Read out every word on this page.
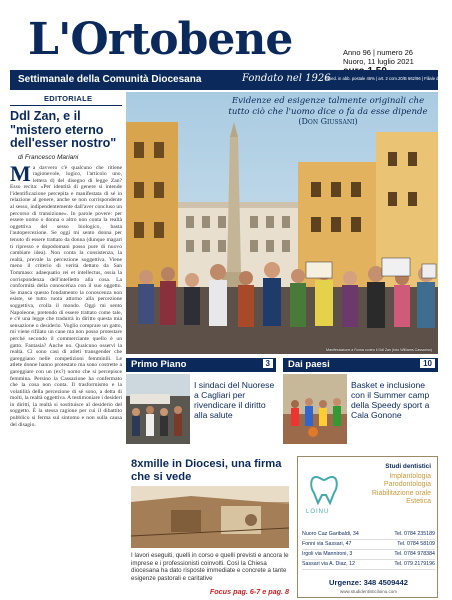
L'Ortobene	Anno 96 | numero 26
Nuoro, 11 luglio 2021
Settimanale della Comunità Diocesana	Fondato nel 1926
Sped. in abb. postale 45% | art. 2 com.20/B 662/96 | Filiale di Nuoro
EDITORIALE
Ddl Zan, e il "mistero eterno dell'esser nostro"
di Francesco Mariani
Ma davvero c'è qualcuno che ritiene ragionevole, logico, l'articolo uno, lettera d) del disegno di legge Zan? Esso recita: «Per identità di genere si intende l'identificazione percepita e manifestata di sé in relazione al genere, anche se non corrispondente al sesso, indipendentemente dall'aver concluso un percorso di transizione». In parole povere: per essere uomo o donna o altro non conta la realtà oggettiva del sesso biologico, basta l'autopercezione. Se oggi mi sento donna per tenuto di essere trattato da donna (dunque magari ti ripresso e dopodomani posso pure di nuovo cambiare idea). Non conta la consistenza, la realtà, prevale la percezione soggettiva. Viene meno il criterio di verità dettato da San Tommaso: adaequatio rei et intellectus, ossia la corrispondenza dell'intelletto alla cosa. La conformità della conoscenza con il suo oggetto. Se manca questo fondamento la conoscenza non esiste, se tutto ruota attorno alla percezione soggettiva, crolla il mondo. Oggi mi sento Napoleone, pretendo di essere trattato come tale, e c'è una legge che tradurrà in diritto questa mia sensazione o desiderio. Voglio comprare un gatto, mi viene rifilato un cane ma non posso protestare perché secondo il commerciante quello è un gatto. Fantasia? Anche no. Qualcuno osservi la realtà. Ci sono casi di atleti transgender che gareggiano nelle competizioni femminili. Le atlete donne hanno protestato ma sono costrette a gareggiare con un (ex?) uomo che si percepisce femmina. Persino la Cassazione ha confermato che la cosa non conta. Il trasformismo e la volatilità della percezione di sé sono, a detta di molti, la realtà oggettiva. A testimoniare i desideri in diritti, la realtà si sostituisce al desiderio del soggetto. È la stessa ragione per cui il dibattito pubblico si ferma sul sintomo e non sulla causa del disagio.
Evidenze ed esigenze talmente originali che tutto ciò che l'uomo dice o fa da esse dipende (Don Giussani)
Manifestazione a Roma contro il Ddl Zan (foto Williams Cassarino)
Primo Piano	3
I sindaci del Nuorese a Cagliari per rivendicare il diritto alla salute
Dai paesi	10
Basket e inclusione con il Summer camp della Speedy sport a Cala Gonone
8xmille in Diocesi, una firma che si vede
I lavori eseguiti, quelli in corso e quelli previsti e ancora le imprese e i professionisti coinvolti. Così la Chiesa diocesana ha dato risposte immediate e concrete a tante esigenze pastorali e caritative
Focus pag. 6-7 e pag. 8
LOINU
Studi dentistici
Implantologia
Parodontologia
Riabilitazione orale
Estetica
Nuoro Caz Garibaldi, 34	Tel. 0784 235189
Fonni via Sassari, 47	Tel. 0784 58109
Irgoli via Mannironi, 3	Tel. 0784 978384
Sassari via A. Diaz, 12	Tel. 079 2179196
Urgenze: 348 4509442
www.studidentisticiloinu.com
